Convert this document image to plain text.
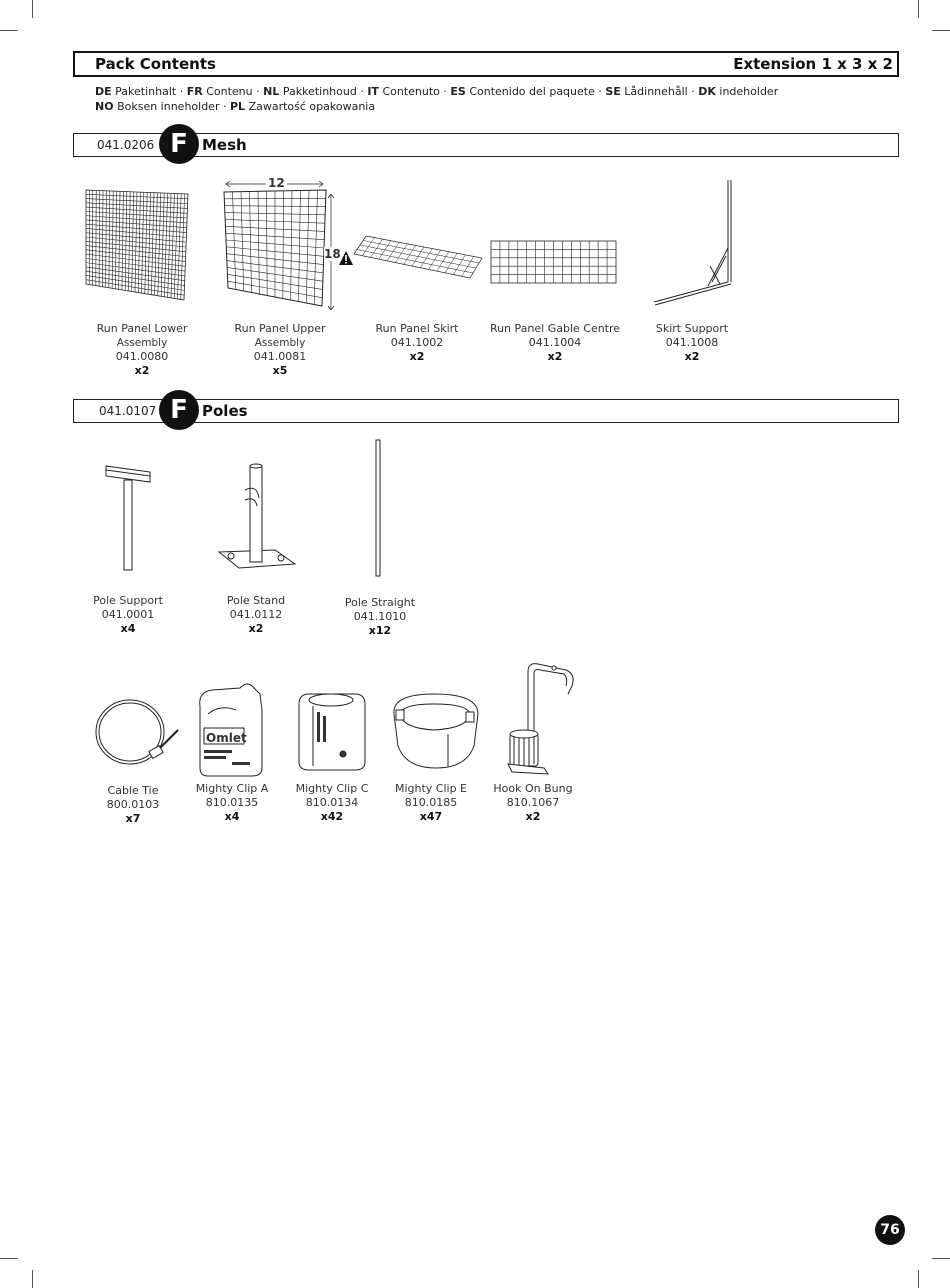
Pack Contents	Extension 1 x 3 x 2
DE Paketinhalt · FR Contenu · NL Pakketinhoud · IT Contenuto · ES Contenido del paquete · SE Lådinnehåll · DK indeholder
NO Boksen inneholder · PL Zawartość opakowania
041.0206 F Mesh
12
18
Run Panel Lower
Assembly
041.0080
x2
Run Panel Upper
Assembly
041.0081
x5
Run Panel Skirt
041.1002
x2
Run Panel Gable Centre
041.1004
x2
Skirt Support
041.1008
x2
041.0107 F Poles
Pole Support
041.0001
x4
Pole Stand
041.0112
x2
Pole Straight
041.1010
x12
Omlet
Cable Tie
800.0103
x7
Mighty Clip A
810.0135
x4
Mighty Clip C
810.0134
x42
Mighty Clip E
810.0185
x47
Hook On Bung
810.1067
x2
76
